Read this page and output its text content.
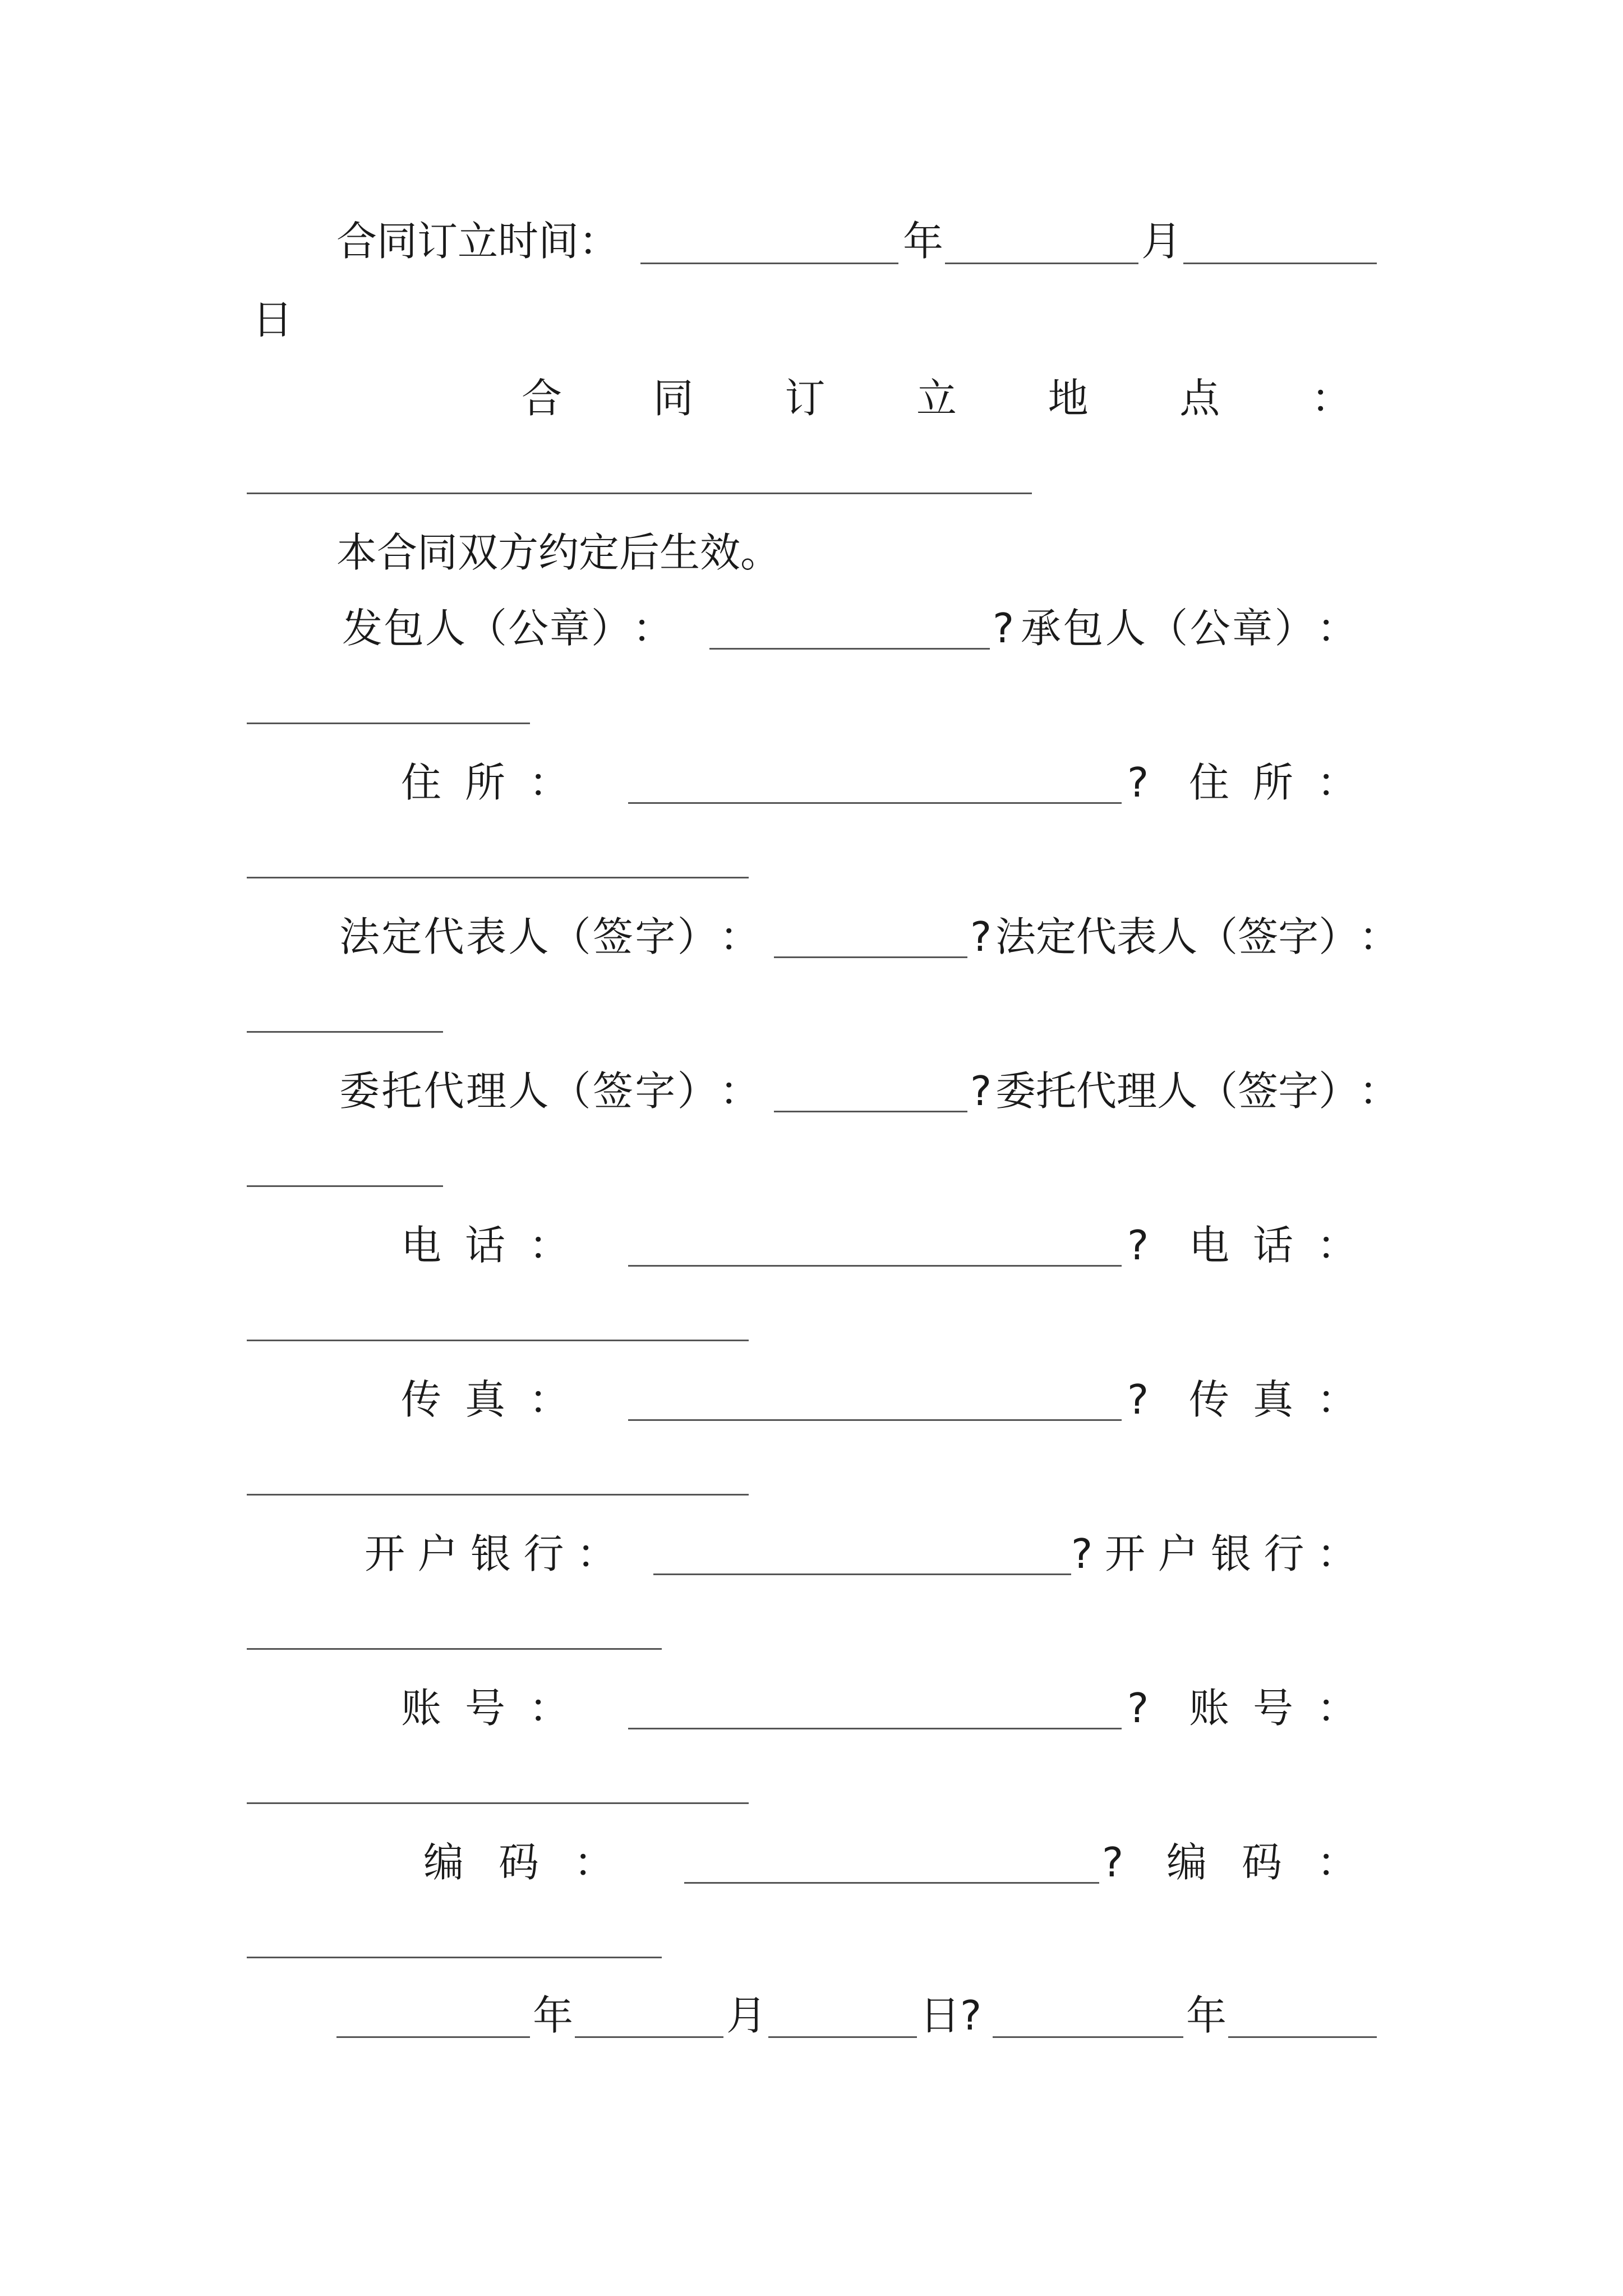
合同订立时间：	年	月
日
合 同 订 立 地 点 ：
本合同双方约定后生效。
发 包 人 （ 公 章 ） ：	? 承 包 人 （ 公 章 ） ：
住 所 ：	? 住 所 ：
法 定 代 表 人 （ 签 字 ） ：	? 法 定 代 表 人 （ 签 字 ） ：
委 托 代 理 人 （ 签 字 ） ：	? 委 托 代 理 人 （ 签 字 ） ：
电 话 ：	? 电 话 ：
传 真 ：	? 传 真 ：
开 户 银 行 ：	? 开 户 银 行 ：
账 号 ：	? 账 号 ：
编 码 ：	? 编 码 ：
年	月	日?	年
